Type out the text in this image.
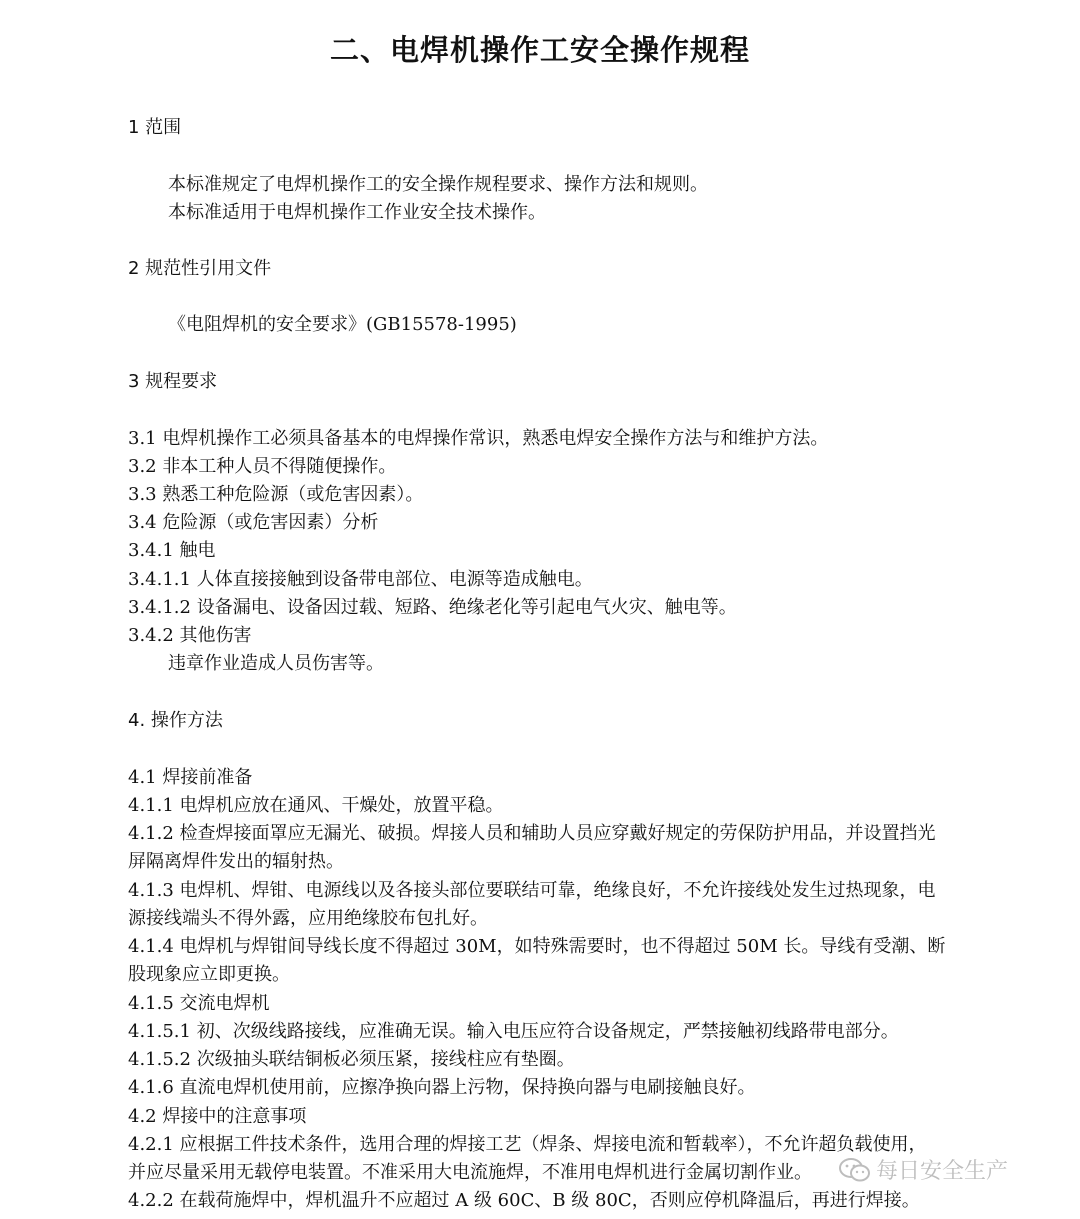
二、电焊机操作工安全操作规程
1 范围
本标准规定了电焊机操作工的安全操作规程要求、操作方法和规则。
本标准适用于电焊机操作工作业安全技术操作。
2 规范性引用文件
《电阻焊机的安全要求》(GB15578-1995)
3 规程要求
3.1 电焊机操作工必须具备基本的电焊操作常识，熟悉电焊安全操作方法与和维护方法。
3.2 非本工种人员不得随便操作。
3.3 熟悉工种危险源（或危害因素）。
3.4 危险源（或危害因素）分析
3.4.1 触电
3.4.1.1 人体直接接触到设备带电部位、电源等造成触电。
3.4.1.2 设备漏电、设备因过载、短路、绝缘老化等引起电气火灾、触电等。
3.4.2 其他伤害
违章作业造成人员伤害等。
4. 操作方法
4.1 焊接前准备
4.1.1 电焊机应放在通风、干燥处，放置平稳。
4.1.2 检查焊接面罩应无漏光、破损。焊接人员和辅助人员应穿戴好规定的劳保防护用品，并设置挡光
屏隔离焊件发出的辐射热。
4.1.3 电焊机、焊钳、电源线以及各接头部位要联结可靠，绝缘良好，不允许接线处发生过热现象，电
源接线端头不得外露，应用绝缘胶布包扎好。
4.1.4 电焊机与焊钳间导线长度不得超过 30M，如特殊需要时，也不得超过 50M 长。导线有受潮、断
股现象应立即更换。
4.1.5 交流电焊机
4.1.5.1 初、次级线路接线，应准确无误。输入电压应符合设备规定，严禁接触初线路带电部分。
4.1.5.2 次级抽头联结铜板必须压紧，接线柱应有垫圈。
4.1.6 直流电焊机使用前，应擦净换向器上污物，保持换向器与电刷接触良好。
4.2 焊接中的注意事项
4.2.1 应根据工件技术条件，选用合理的焊接工艺（焊条、焊接电流和暂载率），不允许超负载使用，
并应尽量采用无载停电装置。不准采用大电流施焊，不准用电焊机进行金属切割作业。
4.2.2 在载荷施焊中，焊机温升不应超过 A 级 60C、B 级 80C，否则应停机降温后，再进行焊接。
每日安全生产
